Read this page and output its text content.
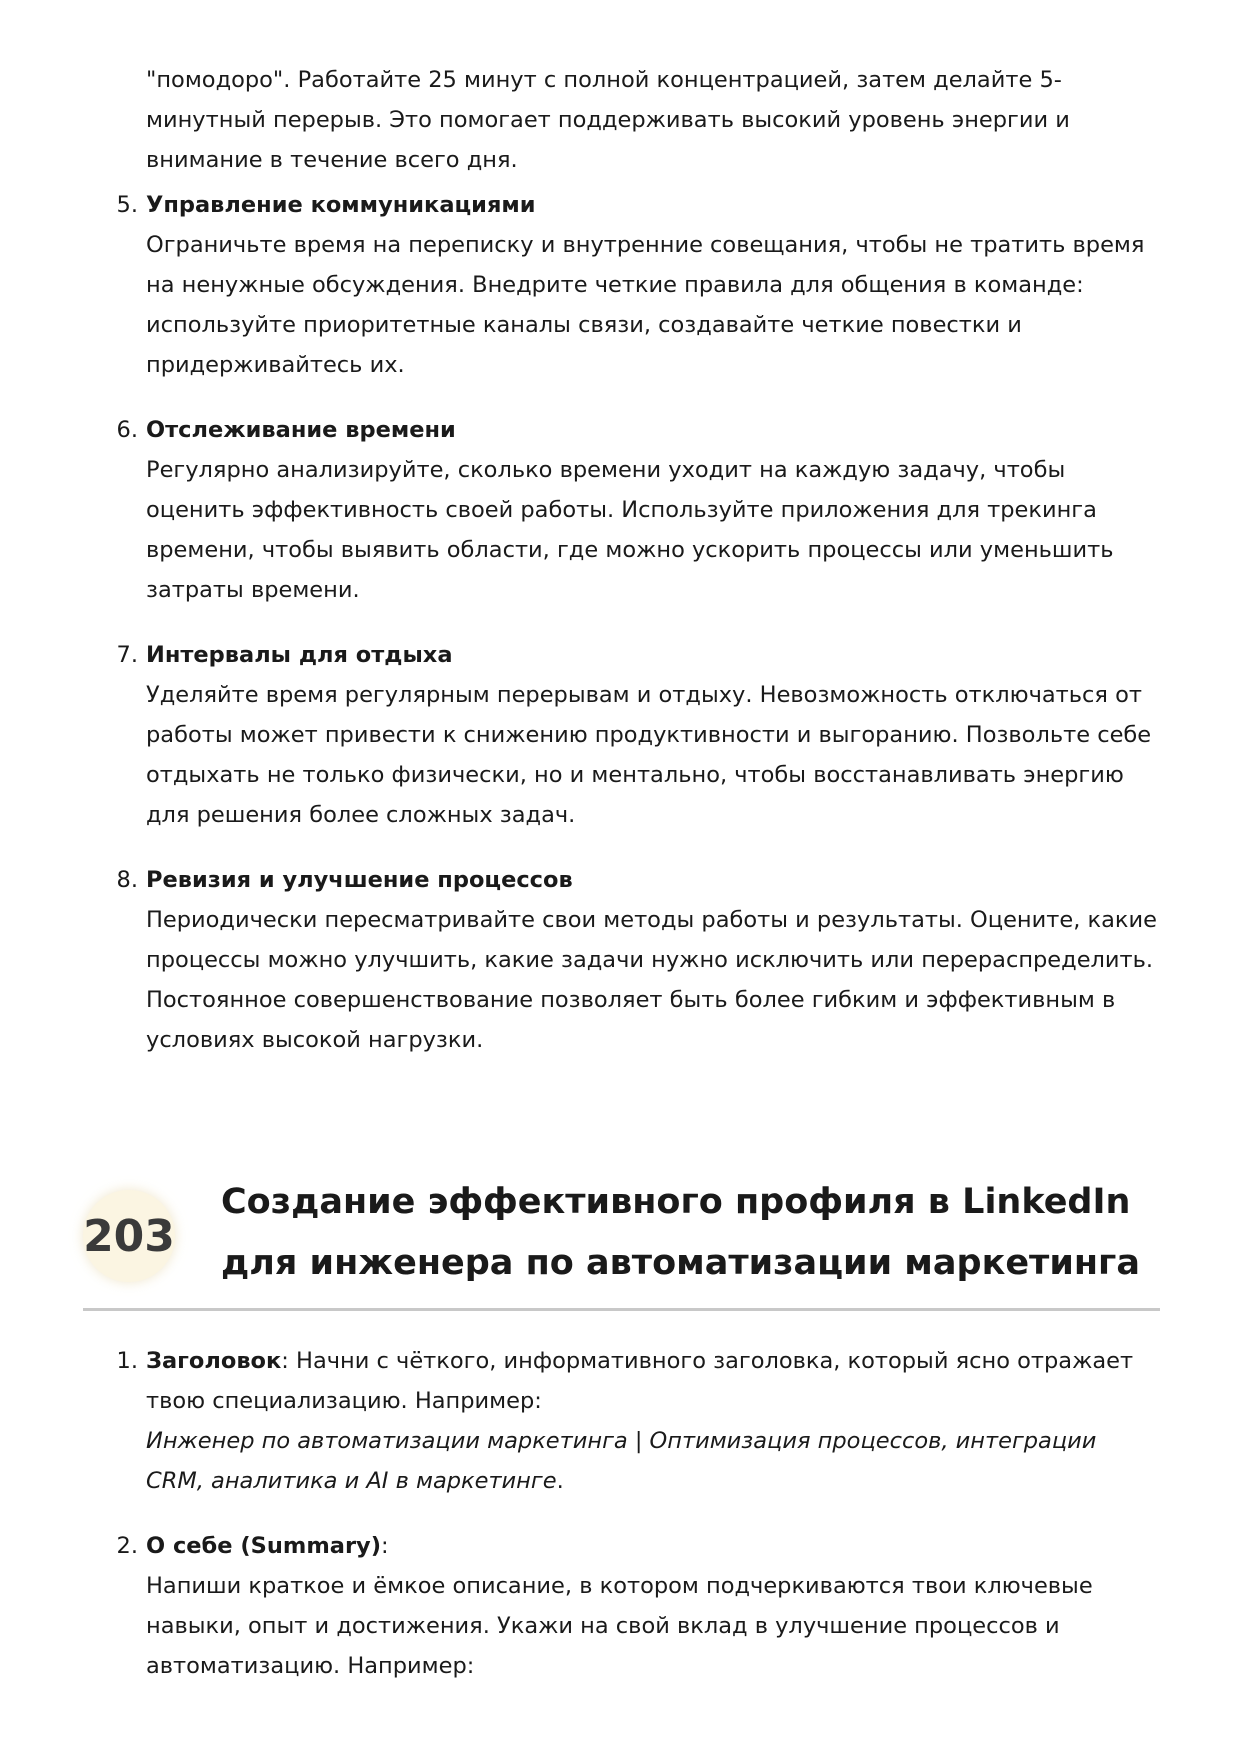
"помодоро". Работайте 25 минут с полной концентрацией, затем делайте 5-минутный перерыв. Это помогает поддерживать высокий уровень энергии и внимание в течение всего дня.

5. Управление коммуникациями
Ограничьте время на переписку и внутренние совещания, чтобы не тратить время на ненужные обсуждения. Внедрите четкие правила для общения в команде: используйте приоритетные каналы связи, создавайте четкие повестки и придерживайтесь их.
6. Отслеживание времени
Регулярно анализируйте, сколько времени уходит на каждую задачу, чтобы оценить эффективность своей работы. Используйте приложения для трекинга времени, чтобы выявить области, где можно ускорить процессы или уменьшить затраты времени.
7. Интервалы для отдыха
Уделяйте время регулярным перерывам и отдыху. Невозможность отключаться от работы может привести к снижению продуктивности и выгоранию. Позвольте себе отдыхать не только физически, но и ментально, чтобы восстанавливать энергию для решения более сложных задач.
8. Ревизия и улучшение процессов
Периодически пересматривайте свои методы работы и результаты. Оцените, какие процессы можно улучшить, какие задачи нужно исключить или перераспределить. Постоянное совершенствование позволяет быть более гибким и эффективным в условиях высокой нагрузки.
203
Создание эффективного профиля в LinkedIn для инженера по автоматизации маркетинга
1. Заголовок: Начни с чёткого, информативного заголовка, который ясно отражает твою специализацию. Например:
Инженер по автоматизации маркетинга | Оптимизация процессов, интеграции CRM, аналитика и AI в маркетинге.
2. О себе (Summary):
Напиши краткое и ёмкое описание, в котором подчеркиваются твои ключевые навыки, опыт и достижения. Укажи на свой вклад в улучшение процессов и автоматизацию. Например:
